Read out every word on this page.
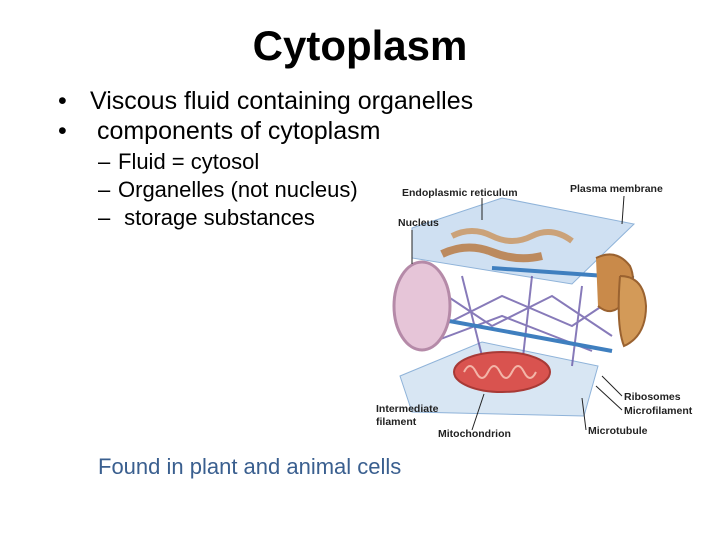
Cytoplasm
• Viscous fluid containing organelles
• components of cytoplasm
– Fluid = cytosol
– Organelles (not nucleus)
– storage substances
Endoplasmic reticulum	Plasma membrane
Nucleus
Ribosomes
Microfilament
Intermediate
filament
Microtubule
Mitochondrion
Found in plant and animal cells
